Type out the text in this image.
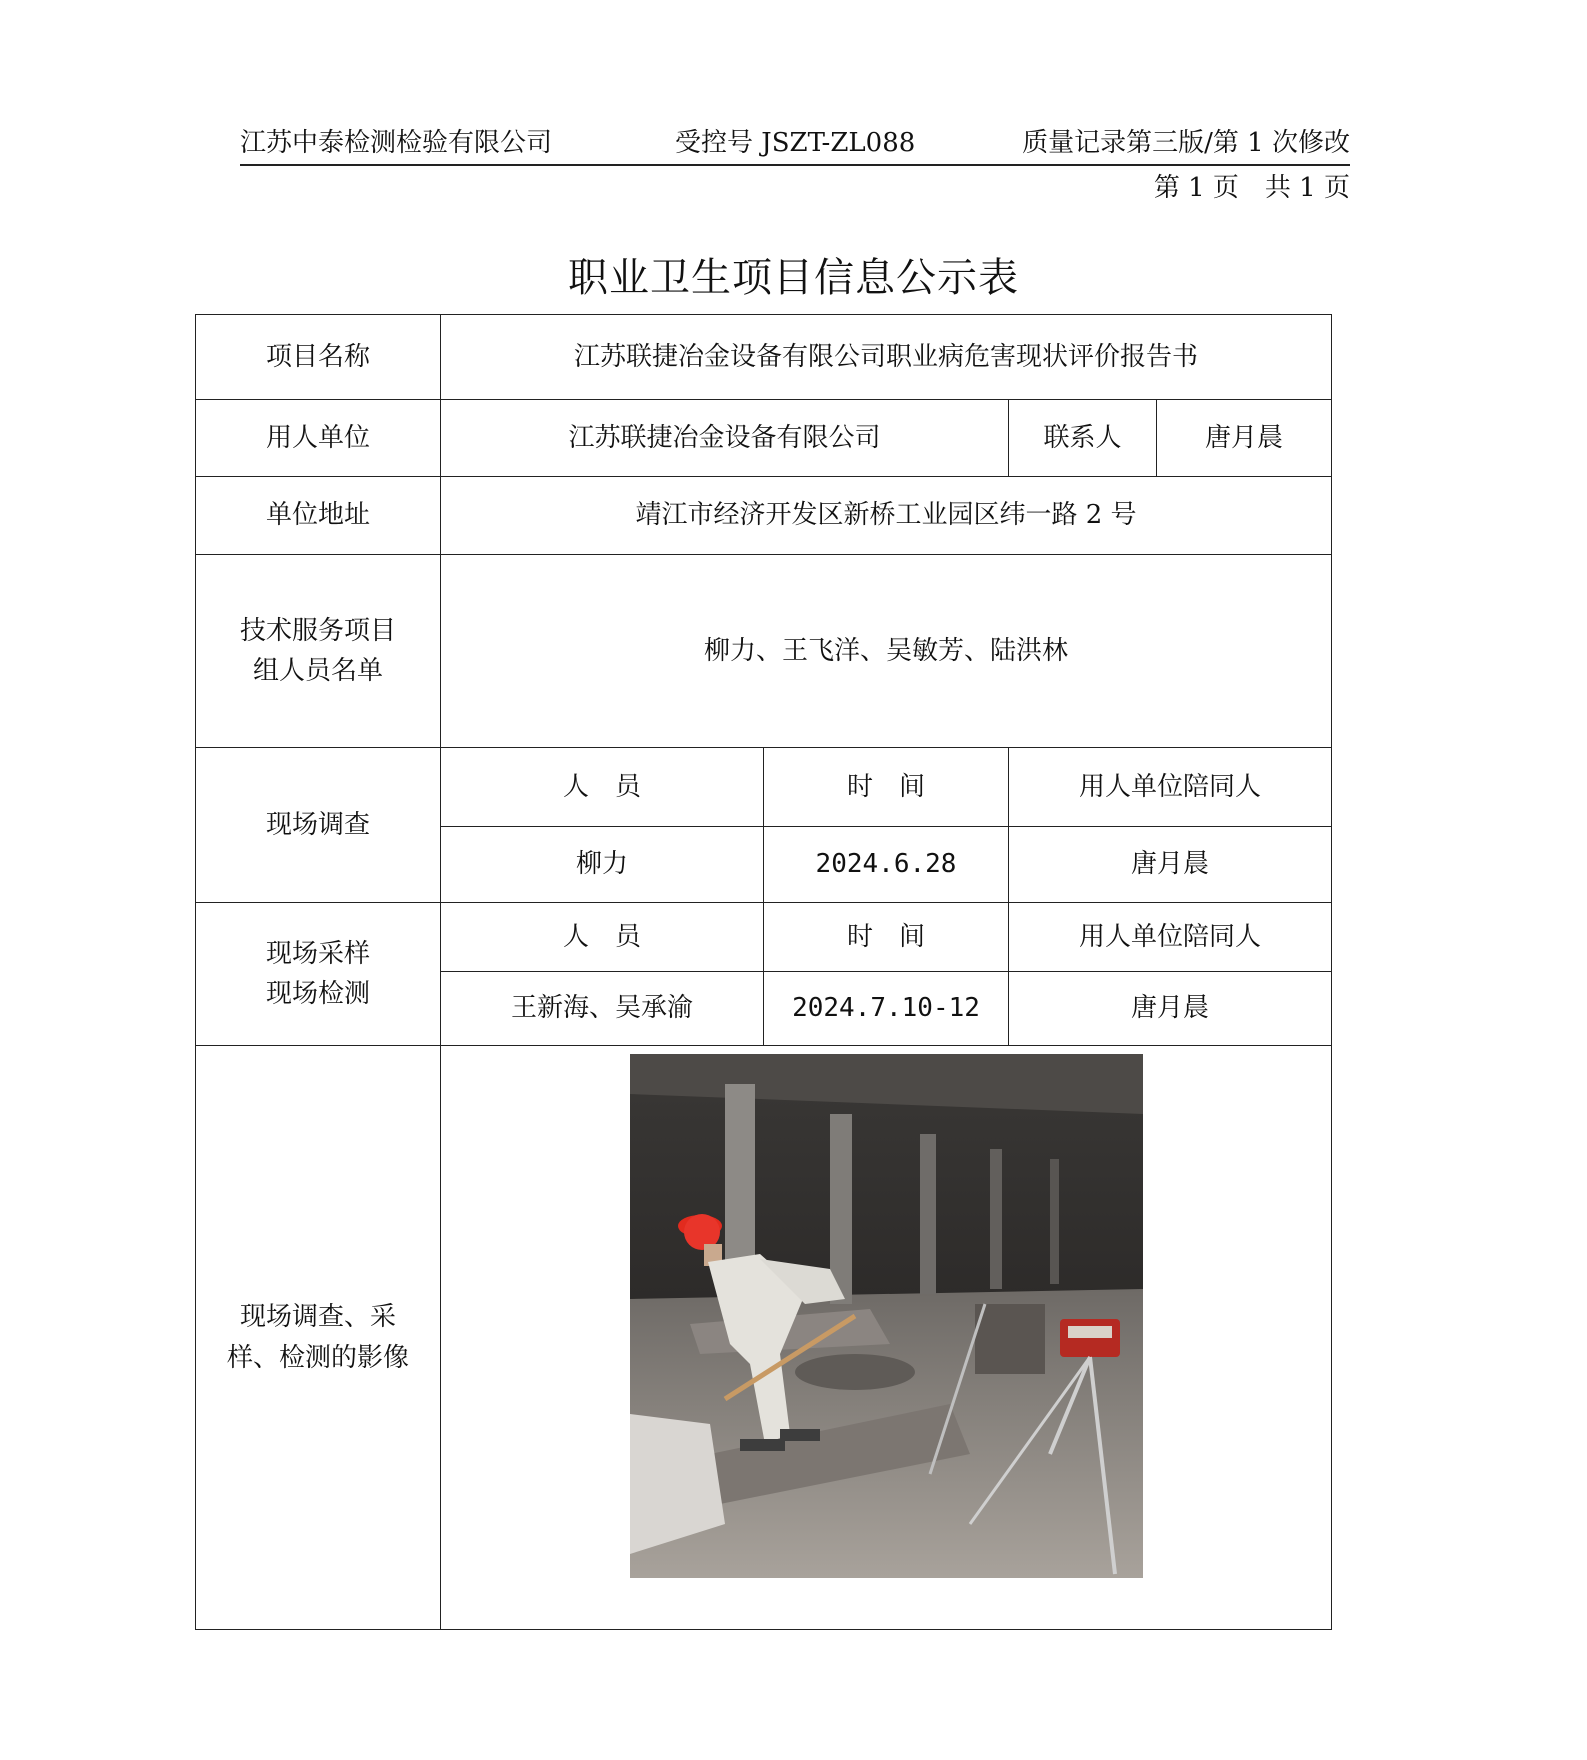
江苏中泰检测检验有限公司	受控号 JSZT-ZL088	质量记录第三版/第 1 次修改
第 1 页　共 1 页
职业卫生项目信息公示表
项目名称	江苏联捷冶金设备有限公司职业病危害现状评价报告书			
用人单位	江苏联捷冶金设备有限公司		联系人	唐月晨
单位地址	靖江市经济开发区新桥工业园区纬一路 2 号			

技术服务项目组人员名单	柳力、王飞洋、吴敏芳、陆洪林			
现场调查	人　员	时　间	用人单位陪同人	
	柳力	2024.6.28	唐月晨	

现场采样现场检测	人　员	时　间	用人单位陪同人	
	王新海、吴承渝	2024.7.10-12	唐月晨	

现场调查、采样、检测的影像
